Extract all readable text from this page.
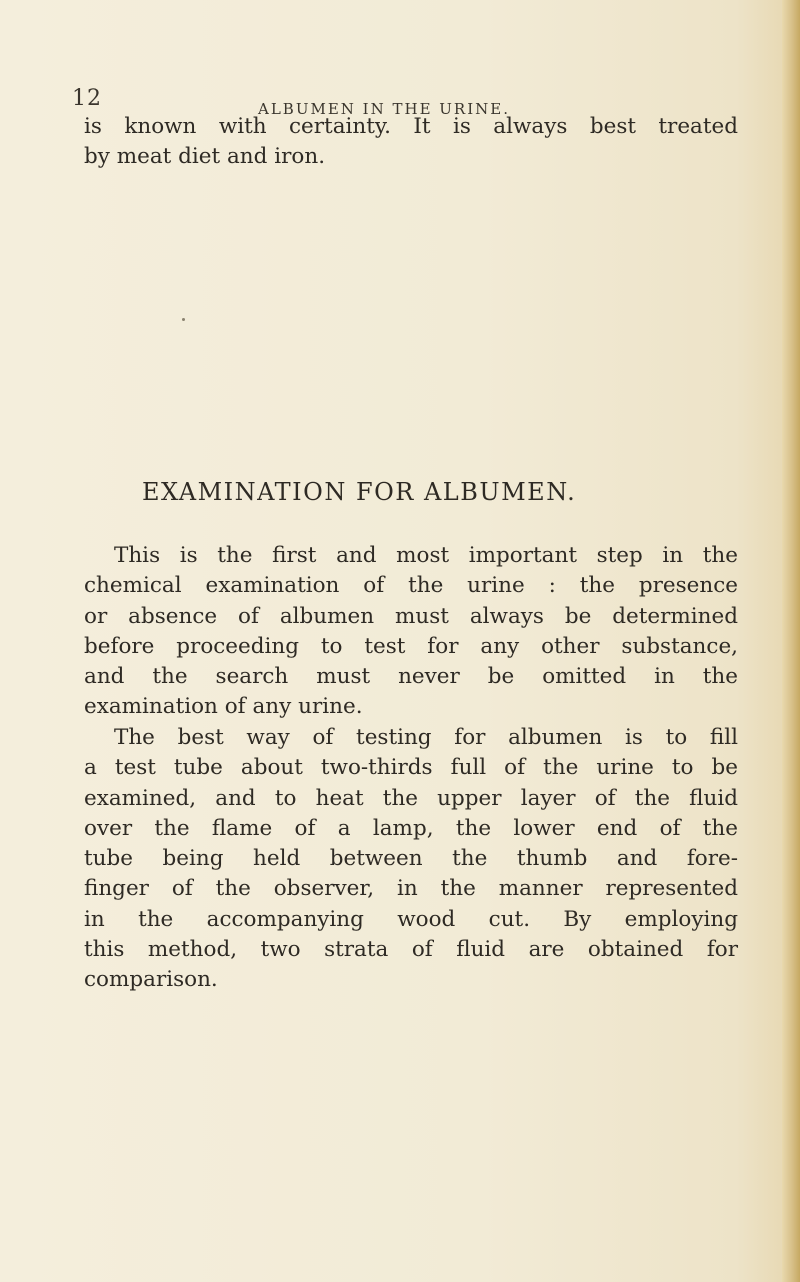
12	ALBUMEN IN THE URINE.
is known with certainty. It is always best treated
by meat diet and iron.
EXAMINATION FOR ALBUMEN.
This is the first and most important step in the
chemical examination of the urine : the presence
or absence of albumen must always be determined
before proceeding to test for any other substance,
and the search must never be omitted in the
examination of any urine.
The best way of testing for albumen is to fill
a test tube about two-thirds full of the urine to be
examined, and to heat the upper layer of the fluid
over the flame of a lamp, the lower end of the
tube being held between the thumb and fore-
finger of the observer, in the manner represented
in the accompanying wood cut. By employing
this method, two strata of fluid are obtained for
comparison.
